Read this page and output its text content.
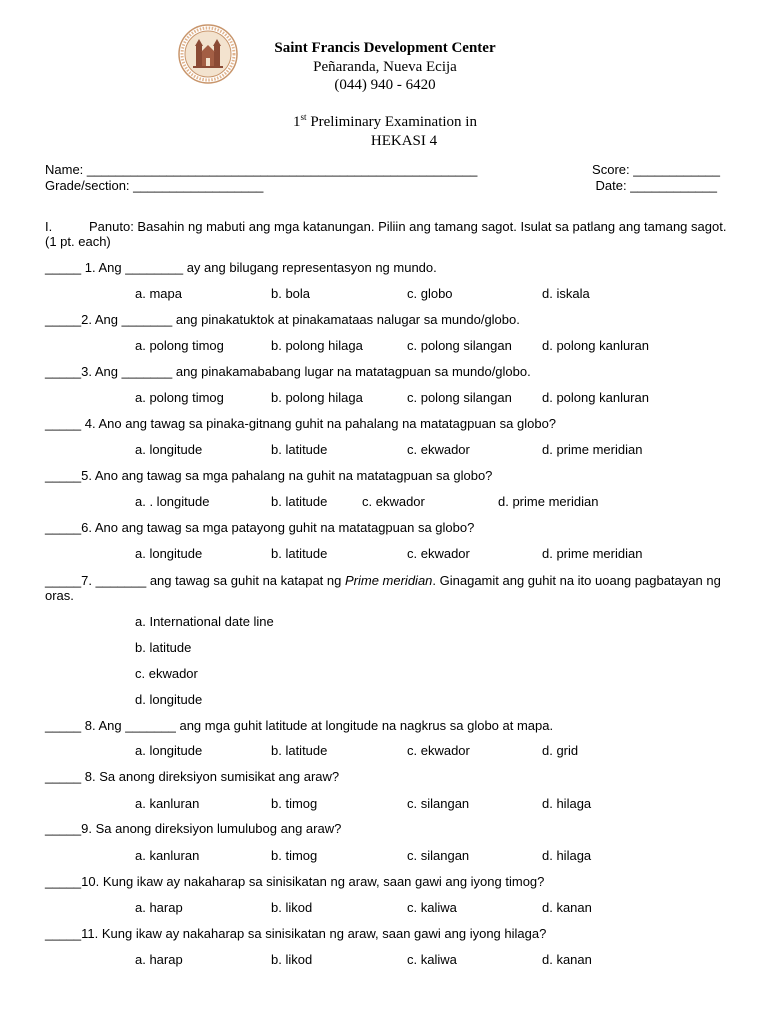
Saint Francis Development Center
Peñaranda, Nueva Ecija
(044) 940 - 6420
1st Preliminary Examination in
HEKASI 4
Name: ______________________________________________________	Score: ____________
Grade/section: __________________	Date: ____________
I.	Panuto: Basahin ng mabuti ang mga katanungan. Piliin ang tamang sagot. Isulat sa patlang ang tamang sagot. (1 pt. each)
_____ 1. Ang ________ ay ang bilugang representasyon ng mundo.
a. mapa	b. bola	c. globo	d. iskala
_____2. Ang _______ ang pinakatuktok at pinakamataas nalugar sa mundo/globo.
a. polong timog	b. polong hilaga	c. polong silangan d. polong kanluran
_____3. Ang _______ ang pinakamababang lugar na matatagpuan sa mundo/globo.
a. polong timog	b. polong hilaga	c. polong silangan d. polong kanluran
_____ 4. Ano ang tawag sa pinaka-gitnang guhit na pahalang na matatagpuan sa globo?
a. longitude	b. latitude	c. ekwador	d. prime meridian
_____5. Ano ang tawag sa mga pahalang na guhit na matatagpuan sa globo?
a. . longitude	b. latitude	c. ekwador	d. prime meridian
_____6. Ano ang tawag sa mga patayong guhit na matatagpuan sa globo?
a. longitude	b. latitude	c. ekwador	d. prime meridian
_____7. _______ ang tawag sa guhit na katapat ng Prime meridian. Ginagamit ang guhit na ito uoang pagbatayan ng oras.
a. International date line
b. latitude
c. ekwador
d. longitude
_____ 8. Ang _______ ang mga guhit latitude at longitude na nagkrus sa globo at mapa.
a. longitude	b. latitude	c. ekwador	d. grid
_____ 8. Sa anong direksiyon sumisikat ang araw?
a. kanluran	b. timog	c. silangan	d. hilaga
_____9. Sa anong direksiyon lumulubog ang araw?
a. kanluran	b. timog	c. silangan	d. hilaga
_____10. Kung ikaw ay nakaharap sa sinisikatan ng araw, saan gawi ang iyong timog?
a. harap	b. likod	c. kaliwa	d. kanan
_____11. Kung ikaw ay nakaharap sa sinisikatan ng araw, saan gawi ang iyong hilaga?
a. harap	b. likod	c. kaliwa	d. kanan
